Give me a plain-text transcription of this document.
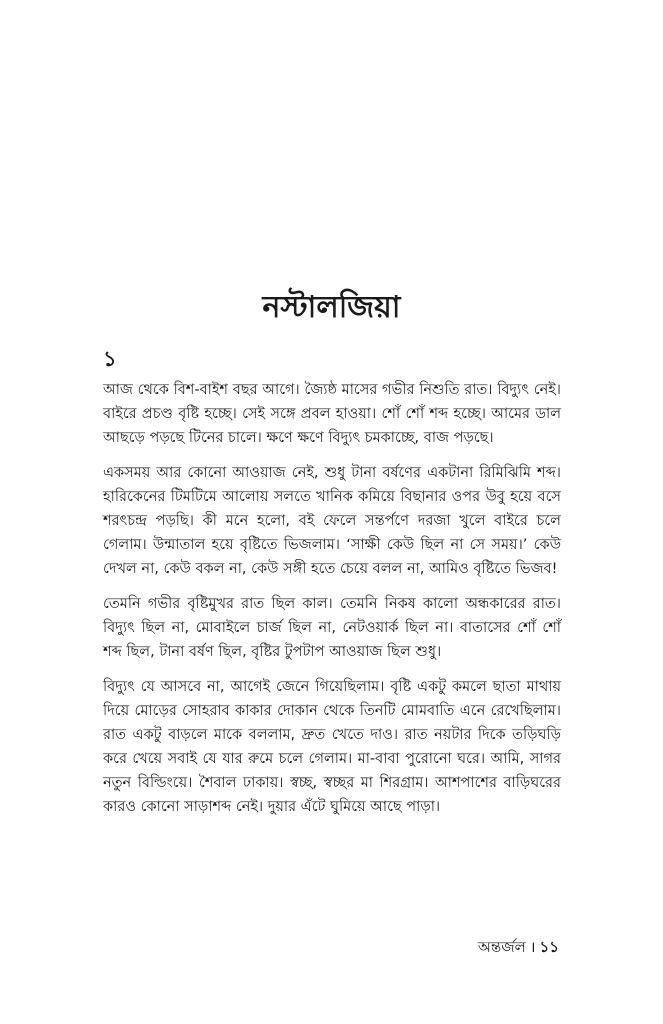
নস্টালজিয়া
১

আজ থেকে বিশ-বাইশ বছর আগে। জ্যৈষ্ঠ মাসের গভীর নিশুতি রাত। বিদ্যুৎ নেই। বাইরে প্রচণ্ড বৃষ্টি হচ্ছে। সেই সঙ্গে প্রবল হাওয়া। শোঁ শোঁ শব্দ হচ্ছে। আমের ডাল আছড়ে পড়ছে টিনের চালে। ক্ষণে ক্ষণে বিদ্যুৎ চমকাচ্ছে, বাজ পড়ছে।

একসময় আর কোনো আওয়াজ নেই, শুধু টানা বর্ষণের একটানা রিমিঝিমি শব্দ। হারিকেনের টিমটিমে আলোয় সলতে খানিক কমিয়ে বিছানার ওপর উবু হয়ে বসে শরৎচন্দ্র পড়ছি। কী মনে হলো, বই ফেলে সন্তর্পণে দরজা খুলে বাইরে চলে গেলাম। উন্মাতাল হয়ে বৃষ্টিতে ভিজলাম। ‘সাক্ষী কেউ ছিল না সে সময়।’ কেউ দেখল না, কেউ বকল না, কেউ সঙ্গী হতে চেয়ে বলল না, আমিও বৃষ্টিতে ভিজব!

তেমনি গভীর বৃষ্টিমুখর রাত ছিল কাল। তেমনি নিকষ কালো অন্ধকারের রাত। বিদ্যুৎ ছিল না, মোবাইলে চার্জ ছিল না, নেটওয়ার্ক ছিল না। বাতাসের শোঁ শোঁ শব্দ ছিল, টানা বর্ষণ ছিল, বৃষ্টির টুপটাপ আওয়াজ ছিল শুধু।

বিদ্যুৎ যে আসবে না, আগেই জেনে গিয়েছিলাম। বৃষ্টি একটু কমলে ছাতা মাথায় দিয়ে মোড়ের সোহরাব কাকার দোকান থেকে তিনটি মোমবাতি এনে রেখেছিলাম। রাত একটু বাড়লে মাকে বললাম, দ্রুত খেতে দাও। রাত নয়টার দিকে তড়িঘড়ি করে খেয়ে সবাই যে যার রুমে চলে গেলাম। মা-বাবা পুরোনো ঘরে। আমি, সাগর নতুন বিল্ডিংয়ে। শৈবাল ঢাকায়। স্বচ্ছ, স্বচ্ছর মা শিরগ্রাম। আশপাশের বাড়িঘরের কারও কোনো সাড়াশব্দ নেই। দুয়ার এঁটে ঘুমিয়ে আছে পাড়া।

অন্তর্জল । ১১
